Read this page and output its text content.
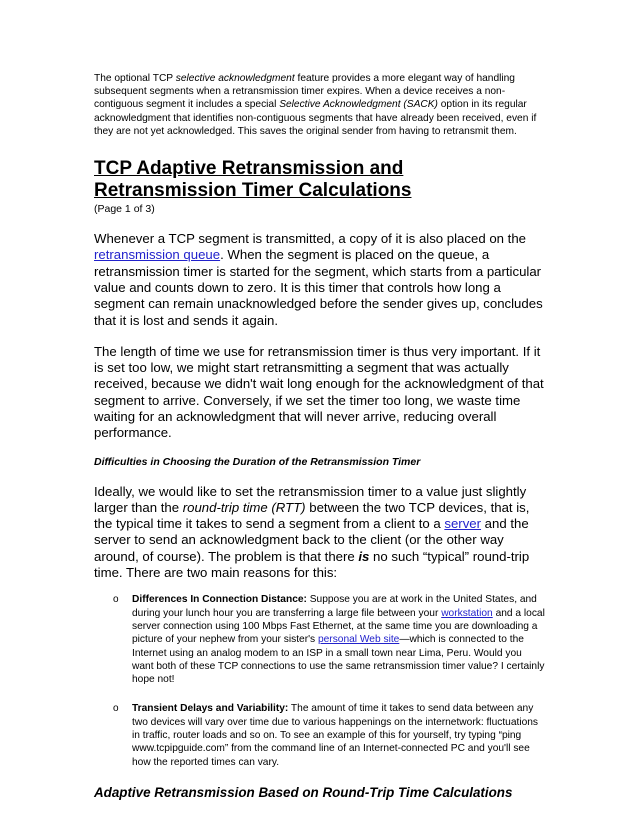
The optional TCP selective acknowledgment feature provides a more elegant way of handling subsequent segments when a retransmission timer expires. When a device receives a non-contiguous segment it includes a special Selective Acknowledgment (SACK) option in its regular acknowledgment that identifies non-contiguous segments that have already been received, even if they are not yet acknowledged. This saves the original sender from having to retransmit them.

TCP Adaptive Retransmission and
Retransmission Timer Calculations

(Page 1 of 3)

Whenever a TCP segment is transmitted, a copy of it is also placed on the retransmission queue. When the segment is placed on the queue, a retransmission timer is started for the segment, which starts from a particular value and counts down to zero. It is this timer that controls how long a segment can remain unacknowledged before the sender gives up, concludes that it is lost and sends it again.

The length of time we use for retransmission timer is thus very important. If it is set too low, we might start retransmitting a segment that was actually received, because we didn't wait long enough for the acknowledgment of that segment to arrive. Conversely, if we set the timer too long, we waste time waiting for an acknowledgment that will never arrive, reducing overall performance.

Difficulties in Choosing the Duration of the Retransmission Timer

Ideally, we would like to set the retransmission timer to a value just slightly larger than the round-trip time (RTT) between the two TCP devices, that is, the typical time it takes to send a segment from a client to a server and the server to send an acknowledgment back to the client (or the other way around, of course). The problem is that there is no such “typical” round-trip time. There are two main reasons for this:

o Differences In Connection Distance: Suppose you are at work in the United States, and during your lunch hour you are transferring a large file between your workstation and a local server connection using 100 Mbps Fast Ethernet, at the same time you are downloading a picture of your nephew from your sister's personal Web site—which is connected to the Internet using an analog modem to an ISP in a small town near Lima, Peru. Would you want both of these TCP connections to use the same retransmission timer value? I certainly hope not!
o Transient Delays and Variability: The amount of time it takes to send data between any two devices will vary over time due to various happenings on the internetwork: fluctuations in traffic, router loads and so on. To see an example of this for yourself, try typing “ping www.tcpipguide.com” from the command line of an Internet-connected PC and you'll see how the reported times can vary.

Adaptive Retransmission Based on Round-Trip Time Calculations
